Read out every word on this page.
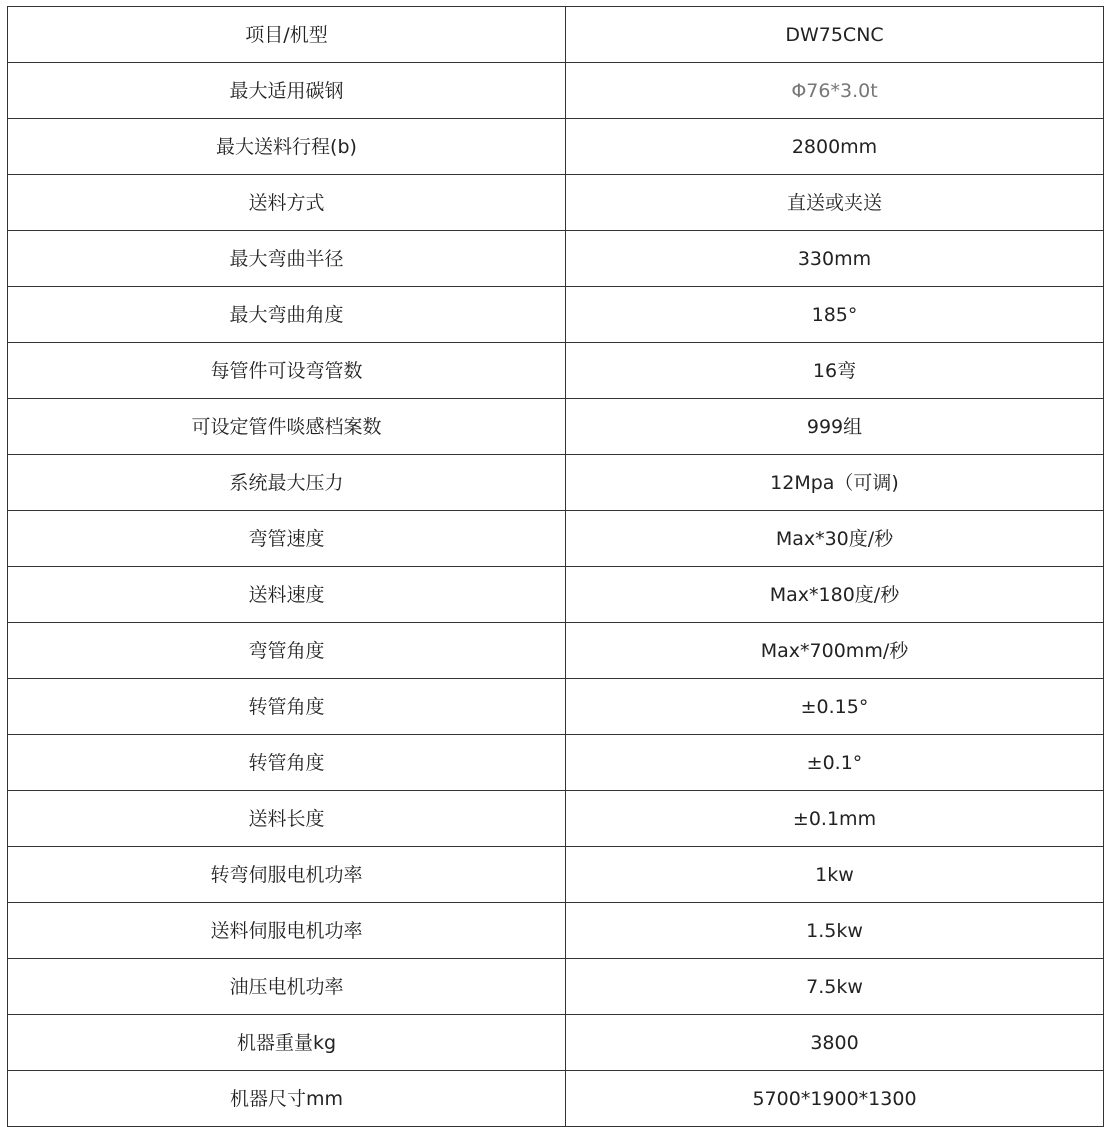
项目/机型	DW75CNC
最大适用碳钢	Φ76*3.0t
最大送料行程(b)	2800mm
送料方式	直送或夹送
最大弯曲半径	330mm
最大弯曲角度	185°
每管件可设弯管数	16弯
可设定管件啖感档案数	999组
系统最大压力	12Mpa（可调)
弯管速度	Max*30度/秒
送料速度	Max*180度/秒
弯管角度	Max*700mm/秒
转管角度	±0.15°
转管角度	±0.1°
送料长度	±0.1mm
转弯伺服电机功率	1kw
送料伺服电机功率	1.5kw
油压电机功率	7.5kw
机器重量kg	3800
机器尺寸mm	5700*1900*1300
